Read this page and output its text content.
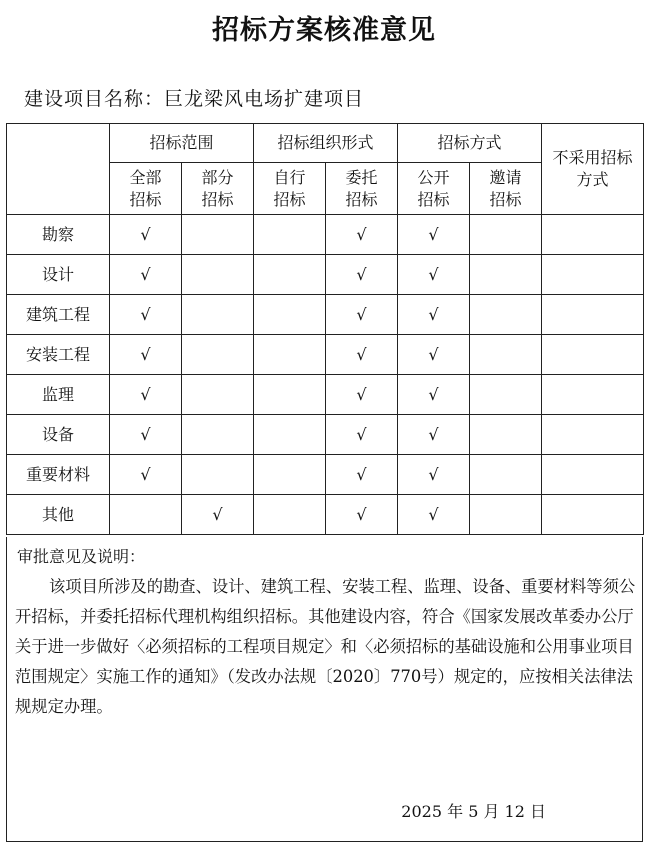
招标方案核准意见
建设项目名称：巨龙梁风电场扩建项目
	招标范围		招标组织形式		招标方式		不采用招标方式

	全部招标	部分招标	自行招标	委托招标	公开招标	邀请招标	

勘察	√			√	√		
设计	√			√	√		
建筑工程	√			√	√		
安装工程	√			√	√		
监理	√			√	√		
设备	√			√	√		
重要材料	√			√	√		
其他		√		√	√		
审批意见及说明：
该项目所涉及的勘查、设计、建筑工程、安装工程、监理、设备、重要材料等须公开招标，并委托招标代理机构组织招标。其他建设内容，符合《国家发展改革委办公厅关于进一步做好〈必须招标的工程项目规定〉和〈必须招标的基础设施和公用事业项目范围规定〉实施工作的通知》（发改办法规〔2020〕770号）规定的，应按相关法律法规规定办理。
2025 年 5 月 12 日
